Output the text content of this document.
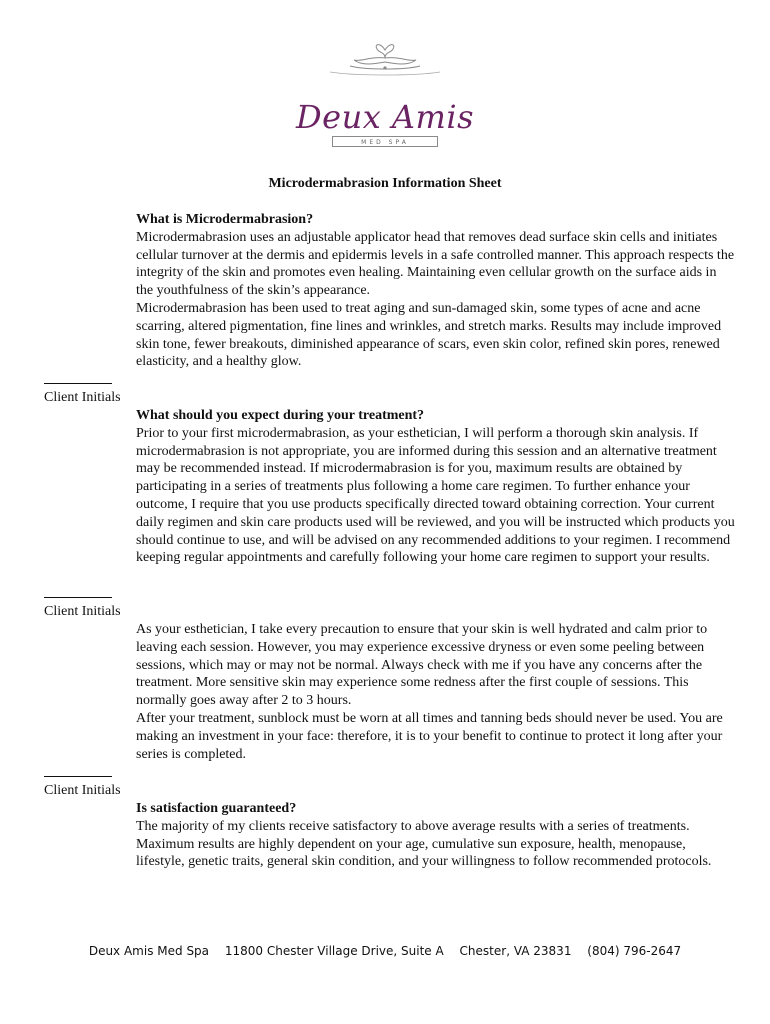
Deux Amis
MED SPA
Microdermabrasion Information Sheet

What is Microdermabrasion?

Microdermabrasion uses an adjustable applicator head that removes dead surface skin cells and initiates cellular turnover at the dermis and epidermis levels in a safe controlled manner. This approach respects the integrity of the skin and promotes even healing. Maintaining even cellular growth on the surface aids in the youthfulness of the skin’s appearance.

Microdermabrasion has been used to treat aging and sun-damaged skin, some types of acne and acne scarring, altered pigmentation, fine lines and wrinkles, and stretch marks. Results may include improved skin tone, fewer breakouts, diminished appearance of scars, even skin color, refined skin pores, renewed elasticity, and a healthy glow.

Client Initials

What should you expect during your treatment?

Prior to your first microdermabrasion, as your esthetician, I will perform a thorough skin analysis. If microdermabrasion is not appropriate, you are informed during this session and an alternative treatment may be recommended instead. If microdermabrasion is for you, maximum results are obtained by participating in a series of treatments plus following a home care regimen. To further enhance your outcome, I require that you use products specifically directed toward obtaining correction. Your current daily regimen and skin care products used will be reviewed, and you will be instructed which products you should continue to use, and will be advised on any recommended additions to your regimen. I recommend keeping regular appointments and carefully following your home care regimen to support your results.

Client Initials

As your esthetician, I take every precaution to ensure that your skin is well hydrated and calm prior to leaving each session. However, you may experience excessive dryness or even some peeling between sessions, which may or may not be normal. Always check with me if you have any concerns after the treatment. More sensitive skin may experience some redness after the first couple of sessions. This normally goes away after 2 to 3 hours.

After your treatment, sunblock must be worn at all times and tanning beds should never be used. You are making an investment in your face: therefore, it is to your benefit to continue to protect it long after your series is completed.

Client Initials

Is satisfaction guaranteed?

The majority of my clients receive satisfactory to above average results with a series of treatments. Maximum results are highly dependent on your age, cumulative sun exposure, health, menopause, lifestyle, genetic traits, general skin condition, and your willingness to follow recommended protocols.

Deux Amis Med Spa 11800 Chester Village Drive, Suite A Chester, VA 23831 (804) 796-2647
